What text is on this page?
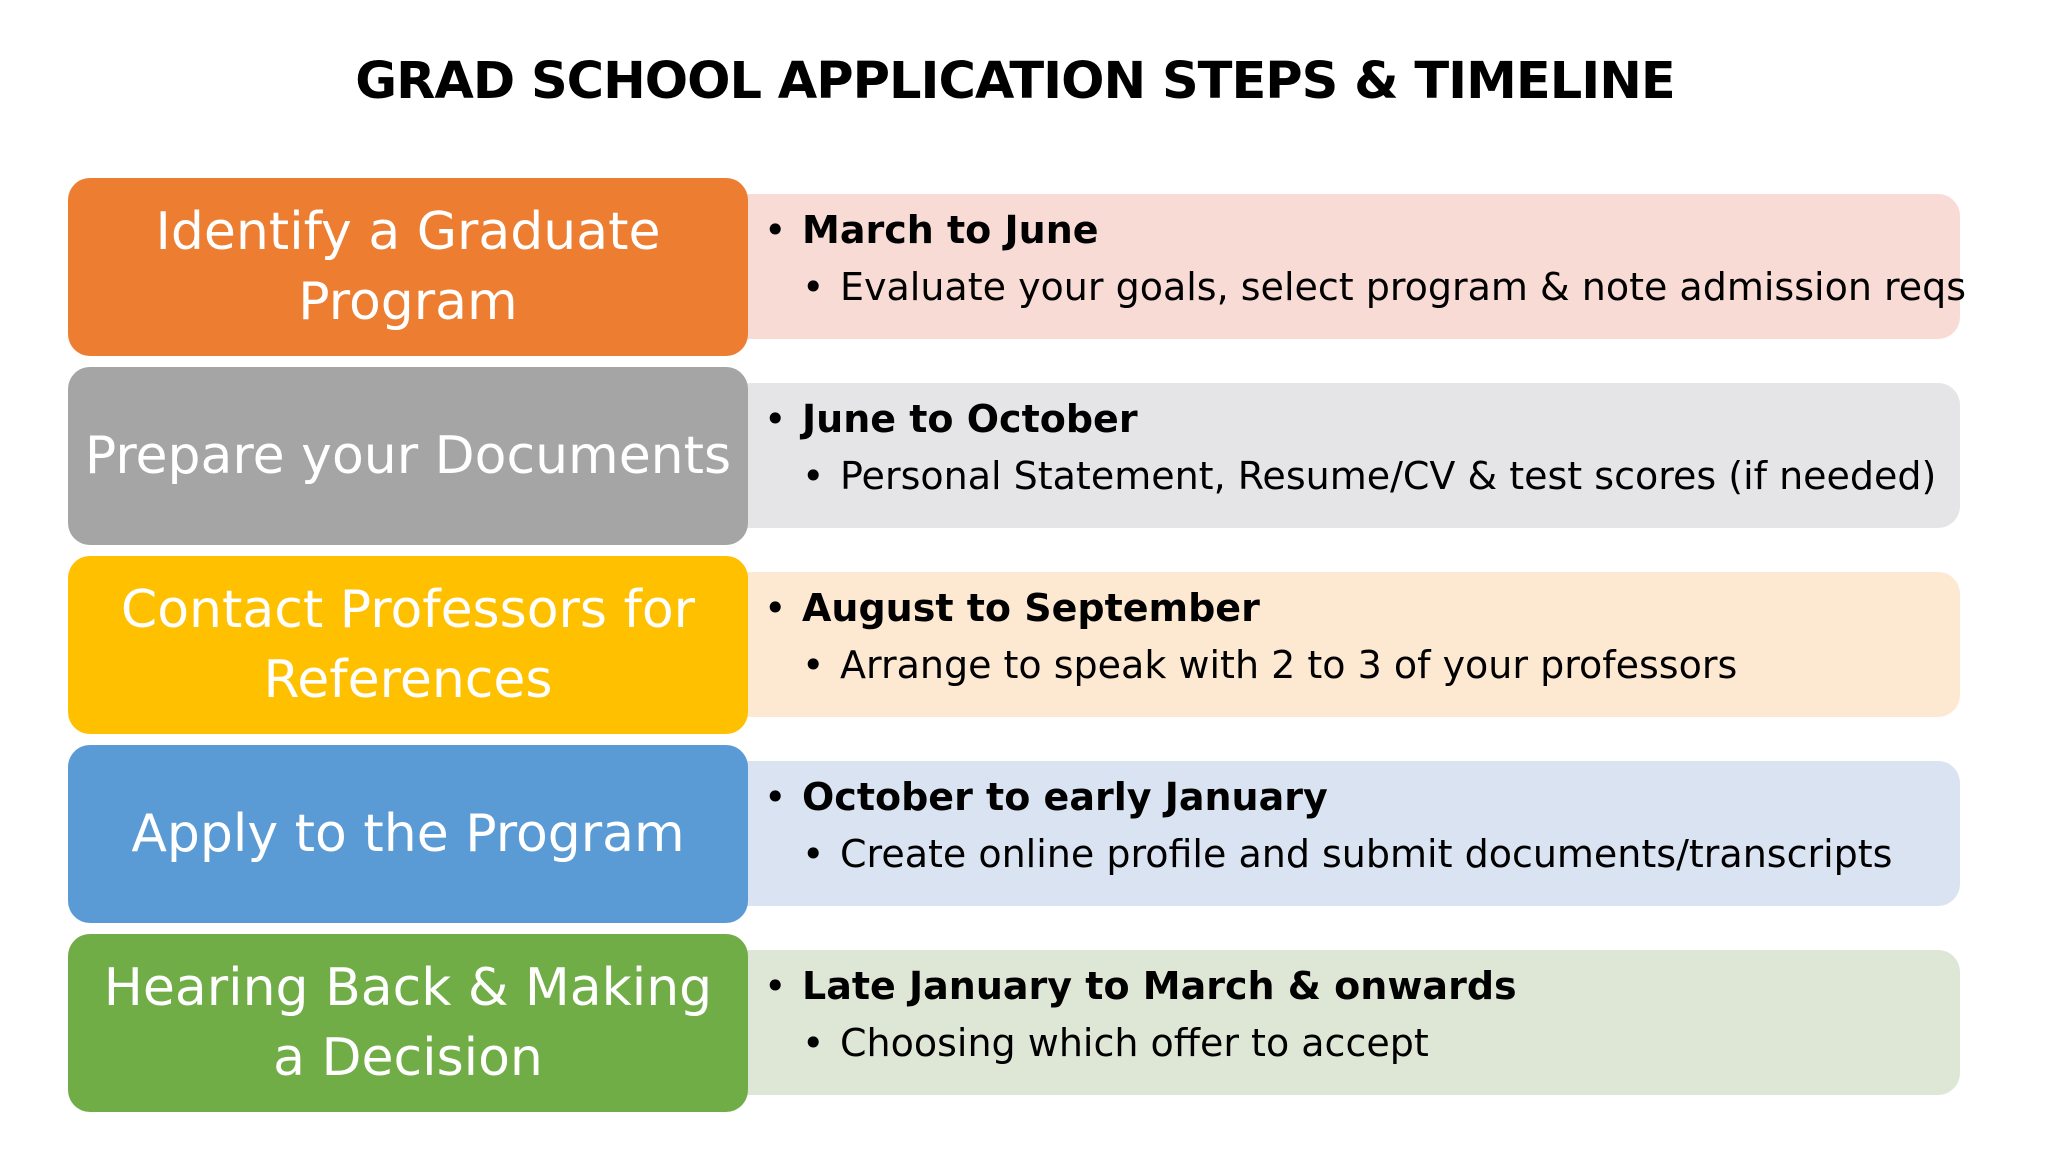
GRAD SCHOOL APPLICATION STEPS & TIMELINE
Identify a Graduate Program
• March to June
• Evaluate your goals, select program & note admission reqs
Prepare your Documents
• June to October
• Personal Statement, Resume/CV & test scores (if needed)
Contact Professors for References
• August to September
• Arrange to speak with 2 to 3 of your professors
Apply to the Program
• October to early January
• Create online profile and submit documents/transcripts
Hearing Back & Making a Decision
• Late January to March & onwards
• Choosing which offer to accept
